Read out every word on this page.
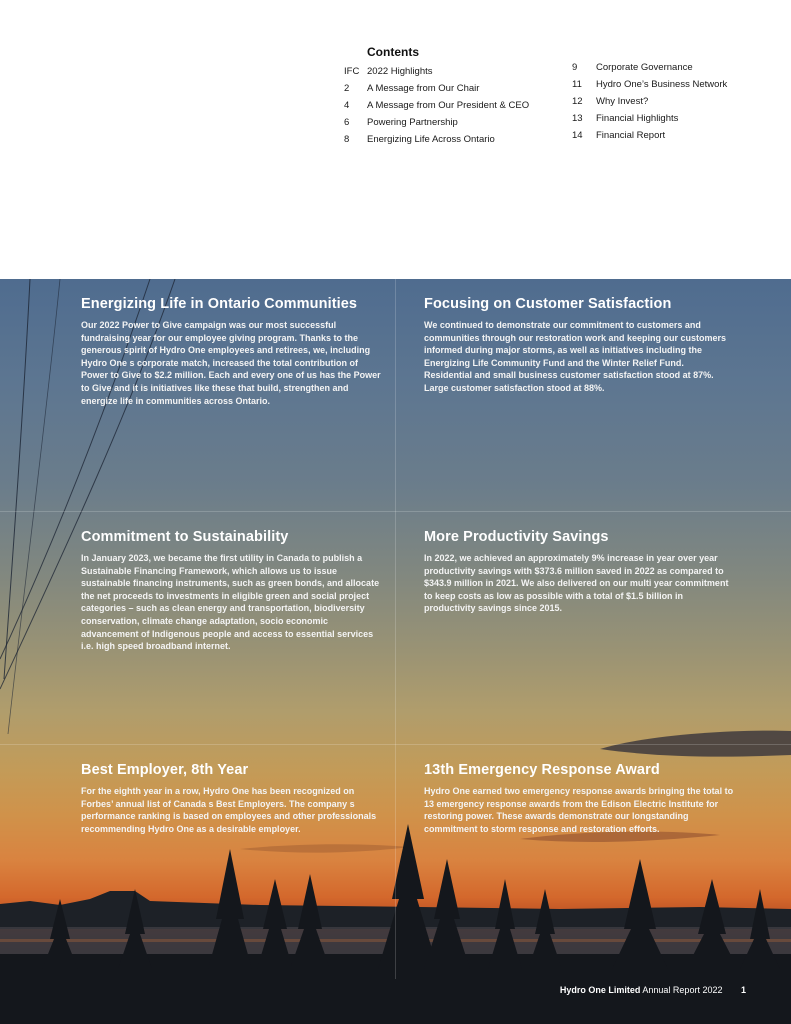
Contents
IFC 2022 Highlights
2 A Message from Our Chair
4 A Message from Our President & CEO
6 Powering Partnership
8 Energizing Life Across Ontario
9 Corporate Governance
11 Hydro One’s Business Network
12 Why Invest?
13 Financial Highlights
14 Financial Report
Energizing Life in Ontario Communities

Our 2022 Power to Give campaign was our most successful fundraising year for our employee giving program. Thanks to the generous spirit of Hydro One employees and retirees, we, including Hydro One s corporate match, increased the total contribution of Power to Give to $2.2 million. Each and every one of us has the Power to Give and it is initiatives like these that build, strengthen and energize life in communities across Ontario.

Focusing on Customer Satisfaction

We continued to demonstrate our commitment to customers and communities through our restoration work and keeping our customers informed during major storms, as well as initiatives including the Energizing Life Community Fund and the Winter Relief Fund. Residential and small business customer satisfaction stood at 87%. Large customer satisfaction stood at 88%.

Commitment to Sustainability

In January 2023, we became the first utility in Canada to publish a Sustainable Financing Framework, which allows us to issue sustainable financing instruments, such as green bonds, and allocate the net proceeds to investments in eligible green and social project categories – such as clean energy and transportation, biodiversity conservation, climate change adaptation, socio economic advancement of Indigenous people and access to essential services i.e. high speed broadband internet.

More Productivity Savings

In 2022, we achieved an approximately 9% increase in year over year productivity savings with $373.6 million saved in 2022 as compared to $343.9 million in 2021. We also delivered on our multi year commitment to keep costs as low as possible with a total of $1.5 billion in productivity savings since 2015.

Best Employer, 8th Year

For the eighth year in a row, Hydro One has been recognized on Forbes’ annual list of Canada s Best Employers. The company s performance ranking is based on employees and other professionals recommending Hydro One as a desirable employer.

13th Emergency Response Award

Hydro One earned two emergency response awards bringing the total to 13 emergency response awards from the Edison Electric Institute for restoring power. These awards demonstrate our longstanding commitment to storm response and restoration efforts.

Hydro One Limited Annual Report 2022 1
